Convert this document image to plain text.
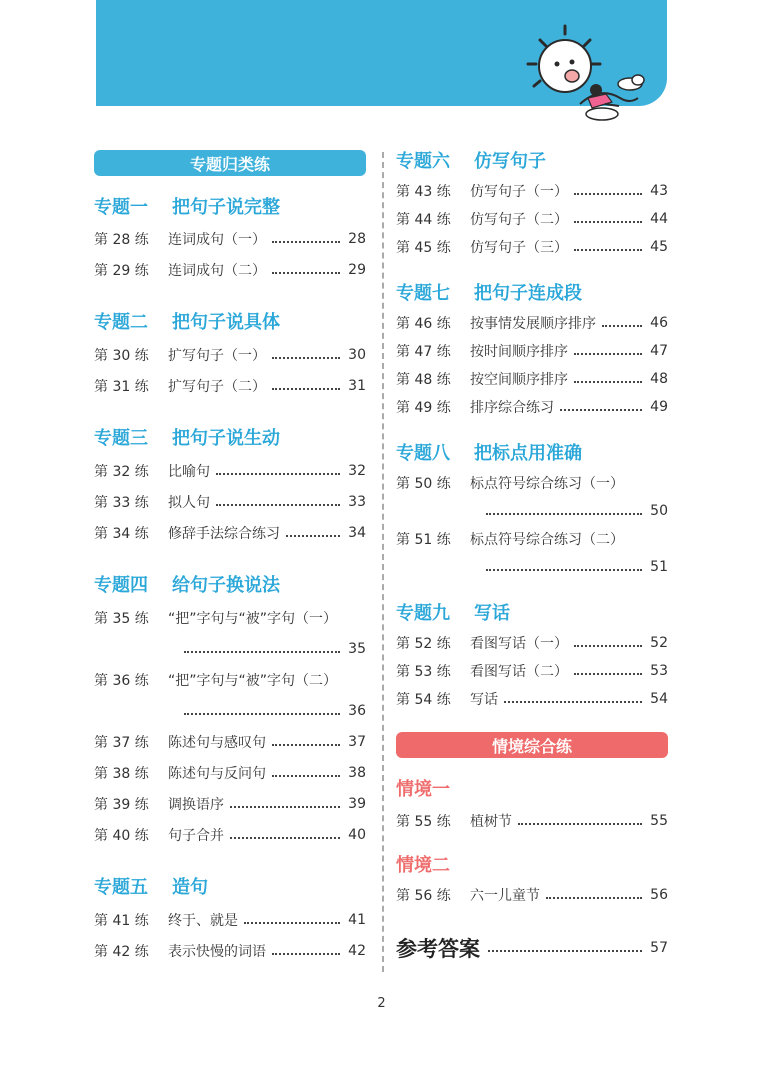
专题归类练
专题一 把句子说完整
第 28 练	连词成句（一）	28
第 29 练	连词成句（二）	29
专题二 把句子说具体
第 30 练	扩写句子（一）	30
第 31 练	扩写句子（二）	31
专题三 把句子说生动
第 32 练	比喻句	32
第 33 练	拟人句	33
第 34 练	修辞手法综合练习	34
专题四 给句子换说法
第 35 练	“把”字句与“被”字句（一）
35
第 36 练	“把”字句与“被”字句（二）
36
第 37 练	陈述句与感叹句	37
第 38 练	陈述句与反问句	38
第 39 练	调换语序	39
第 40 练	句子合并	40
专题五 造句
第 41 练	终于、就是	41
第 42 练	表示快慢的词语	42
专题六 仿写句子
第 43 练	仿写句子（一）	43
第 44 练	仿写句子（二）	44
第 45 练	仿写句子（三）	45
专题七 把句子连成段
第 46 练	按事情发展顺序排序	46
第 47 练	按时间顺序排序	47
第 48 练	按空间顺序排序	48
第 49 练	排序综合练习	49
专题八 把标点用准确
第 50 练	标点符号综合练习（一）
50
第 51 练	标点符号综合练习（二）
51
专题九 写话
第 52 练	看图写话（一）	52
第 53 练	看图写话（二）	53
第 54 练	写话	54
情境综合练
情境一
第 55 练	植树节	55
情境二
第 56 练	六一儿童节	56
参考答案	57
2
